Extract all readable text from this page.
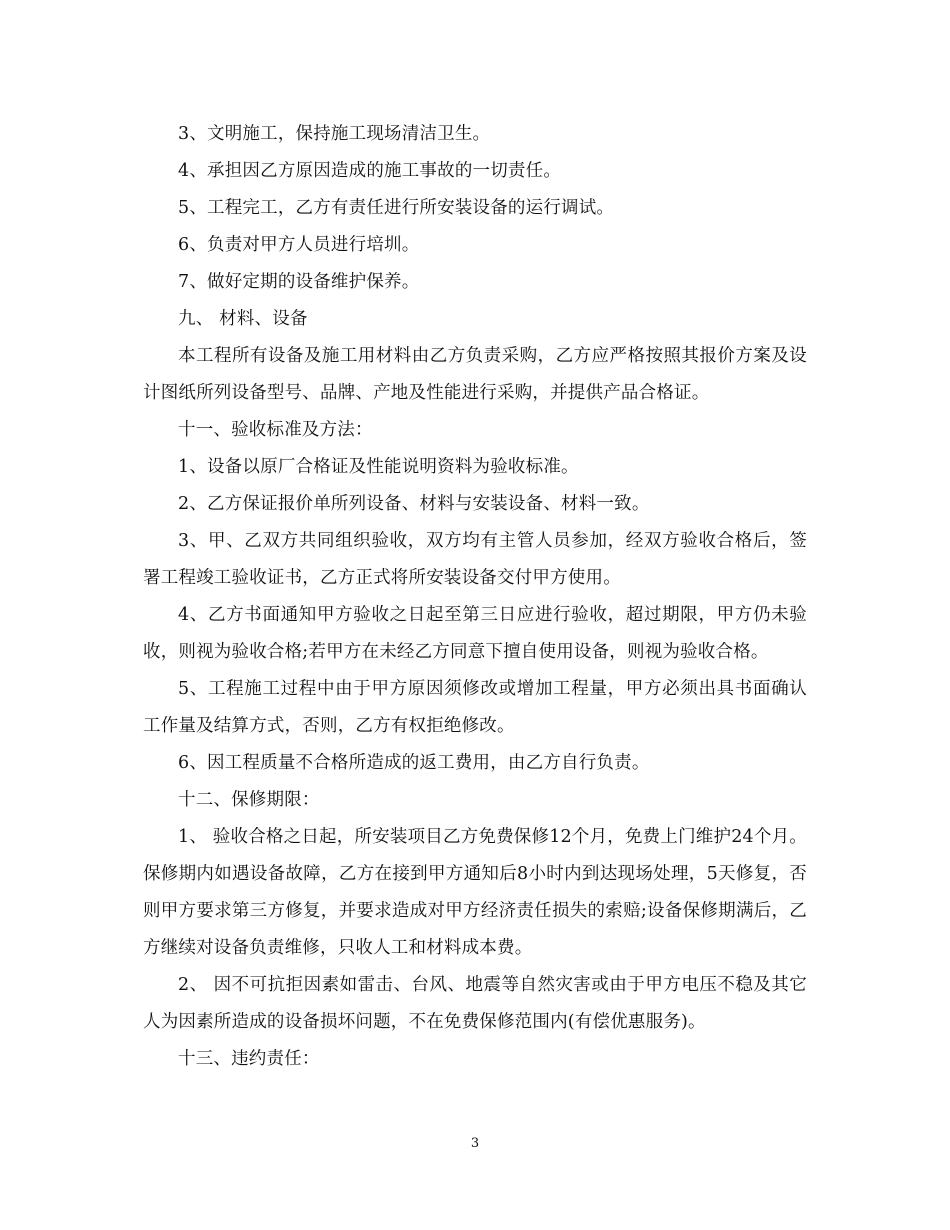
3、文明施工，保持施工现场清洁卫生。

4、承担因乙方原因造成的施工事故的一切责任。

5、工程完工，乙方有责任进行所安装设备的运行调试。

6、负责对甲方人员进行培圳。

7、做好定期的设备维护保养。

九、 材料、设备

本工程所有设备及施工用材料由乙方负责采购，乙方应严格按照其报价方案及设计图纸所列设备型号、品牌、产地及性能进行采购，并提供产品合格证。

十一、验收标准及方法：

1、设备以原厂合格证及性能说明资料为验收标准。

2、乙方保证报价单所列设备、材料与安装设备、材料一致。

3、甲、乙双方共同组织验收，双方均有主管人员参加，经双方验收合格后，签署工程竣工验收证书，乙方正式将所安装设备交付甲方使用。

4、乙方书面通知甲方验收之日起至第三日应进行验收，超过期限，甲方仍未验收，则视为验收合格;若甲方在未经乙方同意下擅自使用设备，则视为验收合格。

5、工程施工过程中由于甲方原因须修改或增加工程量，甲方必须出具书面确认工作量及结算方式，否则，乙方有权拒绝修改。

6、因工程质量不合格所造成的返工费用，由乙方自行负责。

十二、保修期限：

1、 验收合格之日起，所安装项目乙方免费保修12个月，免费上门维护24个月。保修期内如遇设备故障，乙方在接到甲方通知后8小时内到达现场处理，5天修复，否则甲方要求第三方修复，并要求造成对甲方经济责任损失的索赔;设备保修期满后，乙方继续对设备负责维修，只收人工和材料成本费。

2、 因不可抗拒因素如雷击、台风、地震等自然灾害或由于甲方电压不稳及其它人为因素所造成的设备损坏问题，不在免费保修范围内(有偿优惠服务)。

十三、违约责任：

3
